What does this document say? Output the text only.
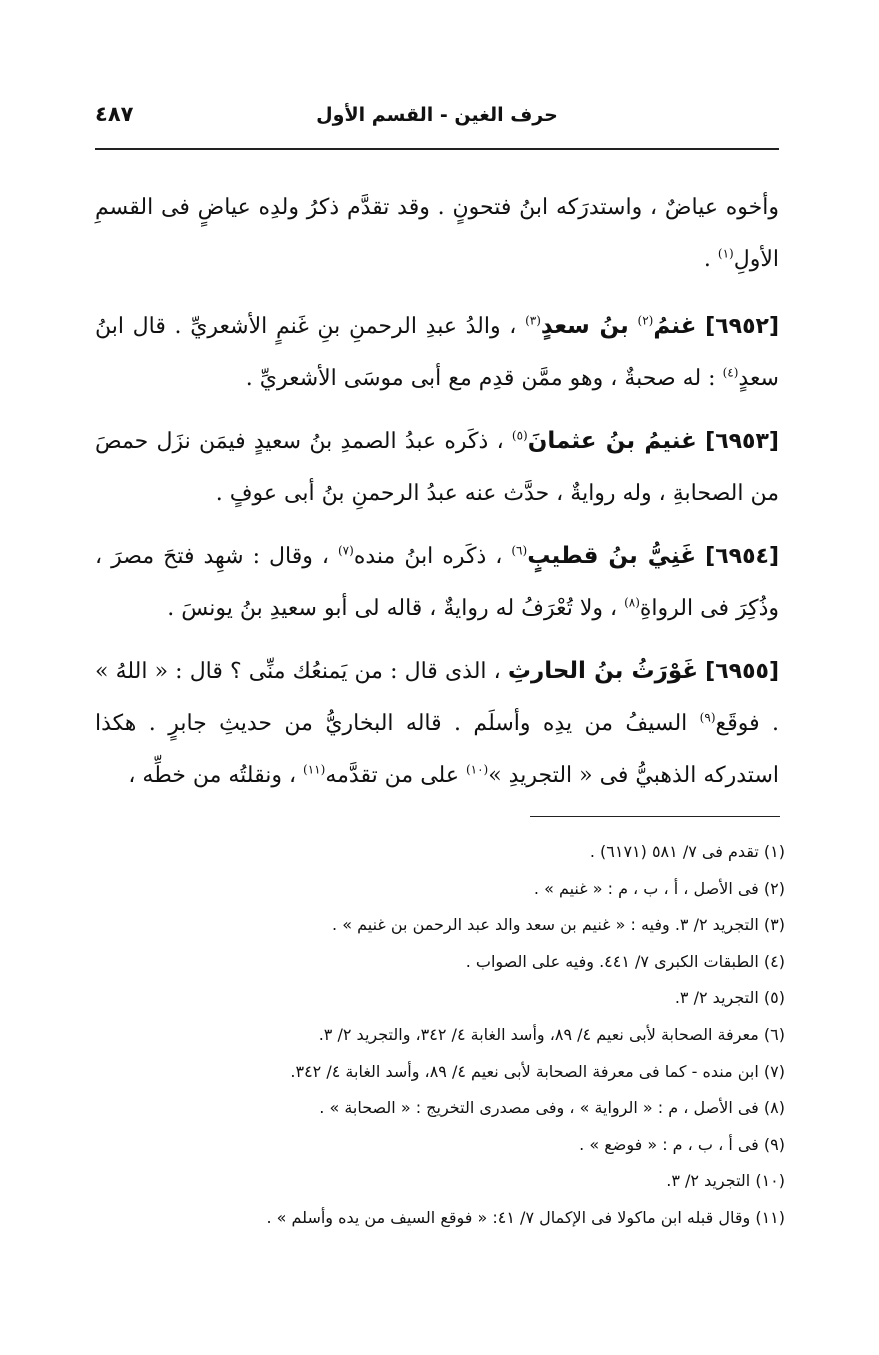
حرف الغين - القسم الأول
٤٨٧

وأخوه عياضٌ ، واستدرَكه ابنُ فتحونٍ . وقد تقدَّم ذكرُ ولدِه عياضٍ فى القسمِ الأولِ$^{(١)}$ .

[٦٩٥٢] غنمُ$^{(٢)}$ بنُ سعدٍ$^{(٣)}$ ، والدُ عبدِ الرحمنِ بنِ غَنمٍ الأشعريِّ . قال ابنُ سعدٍ$^{(٤)}$ : له صحبةٌ ، وهو ممَّن قدِم مع أبى موسَى الأشعريِّ .

[٦٩٥٣] غنيمُ بنُ عثمانَ$^{(٥)}$ ، ذكَره عبدُ الصمدِ بنُ سعيدٍ فيمَن نزَل حمصَ من الصحابةِ ، وله روايةٌ ، حدَّث عنه عبدُ الرحمنِ بنُ أبى عوفٍ .

[٦٩٥٤] غَنِيُّ بنُ قطيبٍ$^{(٦)}$ ، ذكَره ابنُ منده$^{(٧)}$ ، وقال : شهِد فتحَ مصرَ ، وذُكِرَ فى الرواةِ$^{(٨)}$ ، ولا تُعْرَفُ له روايةٌ ، قاله لى أبو سعيدِ بنُ يونسَ .

[٦٩٥٥] غَوْرَثُ بنُ الحارثِ ، الذى قال : من يَمنعُك منِّى ؟ قال : « اللهُ » . فوقَع$^{(٩)}$ السيفُ من يدِه وأسلَم . قاله البخاريُّ من حديثِ جابرٍ . هكذا استدركه الذهبيُّ فى « التجريدِ »$^{(١٠)}$ على من تقدَّمه$^{(١١)}$ ، ونقلتُه من خطِّه ،

(١) تقدم فى ٧/ ٥٨١ (٦١٧١) .

(٢) فى الأصل ، أ ، ب ، م : « غنيم » .

(٣) التجريد ٢/ ٣. وفيه : « غنيم بن سعد والد عبد الرحمن بن غنيم » .

(٤) الطبقات الكبرى ٧/ ٤٤١. وفيه على الصواب .

(٥) التجريد ٢/ ٣.

(٦) معرفة الصحابة لأبى نعيم ٤/ ٨٩، وأسد الغابة ٤/ ٣٤٢، والتجريد ٢/ ٣.

(٧) ابن منده - كما فى معرفة الصحابة لأبى نعيم ٤/ ٨٩، وأسد الغابة ٤/ ٣٤٢.

(٨) فى الأصل ، م : « الرواية » ، وفى مصدرى التخريج : « الصحابة » .

(٩) فى أ ، ب ، م : « فوضع » .

(١٠) التجريد ٢/ ٣.

(١١) وقال قبله ابن ماكولا فى الإكمال ٧/ ٤١: « فوقع السيف من يده وأسلم » .
